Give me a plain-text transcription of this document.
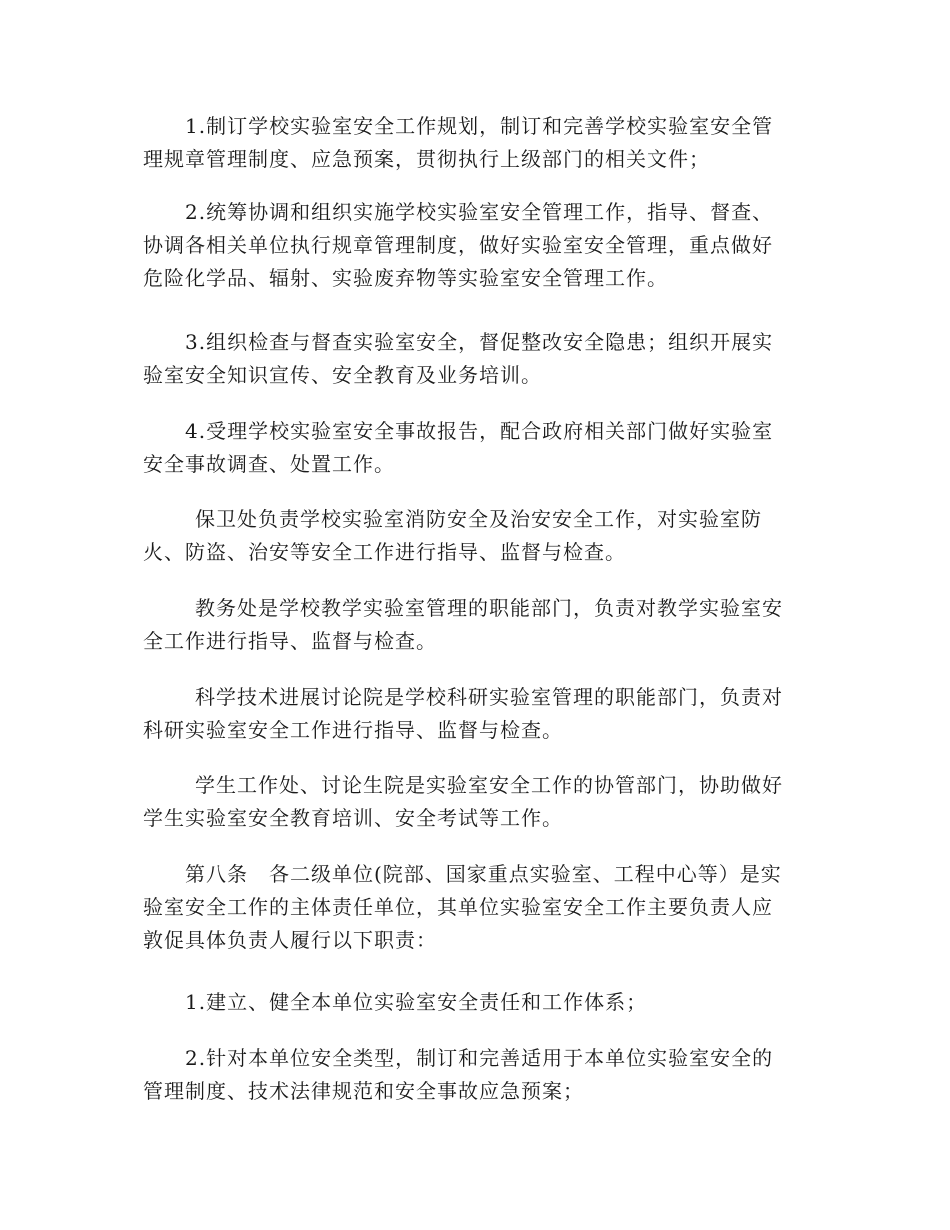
1.制订学校实验室安全工作规划，制订和完善学校实验室安全管
理规章管理制度、应急预案，贯彻执行上级部门的相关文件；

2.统筹协调和组织实施学校实验室安全管理工作，指导、督查、
协调各相关单位执行规章管理制度，做好实验室安全管理，重点做好
危险化学品、辐射、实验废弃物等实验室安全管理工作。

3.组织检查与督查实验室安全，督促整改安全隐患；组织开展实
验室安全知识宣传、安全教育及业务培训。

4.受理学校实验室安全事故报告，配合政府相关部门做好实验室
安全事故调查、处置工作。

保卫处负责学校实验室消防安全及治安安全工作，对实验室防
火、防盗、治安等安全工作进行指导、监督与检查。

教务处是学校教学实验室管理的职能部门，负责对教学实验室安
全工作进行指导、监督与检查。

科学技术进展讨论院是学校科研实验室管理的职能部门，负责对
科研实验室安全工作进行指导、监督与检查。

学生工作处、讨论生院是实验室安全工作的协管部门，协助做好
学生实验室安全教育培训、安全考试等工作。

第八条　各二级单位(院部、国家重点实验室、工程中心等）是实
验室安全工作的主体责任单位，其单位实验室安全工作主要负责人应
敦促具体负责人履行以下职责：

1.建立、健全本单位实验室安全责任和工作体系；

2.针对本单位安全类型，制订和完善适用于本单位实验室安全的
管理制度、技术法律规范和安全事故应急预案；
